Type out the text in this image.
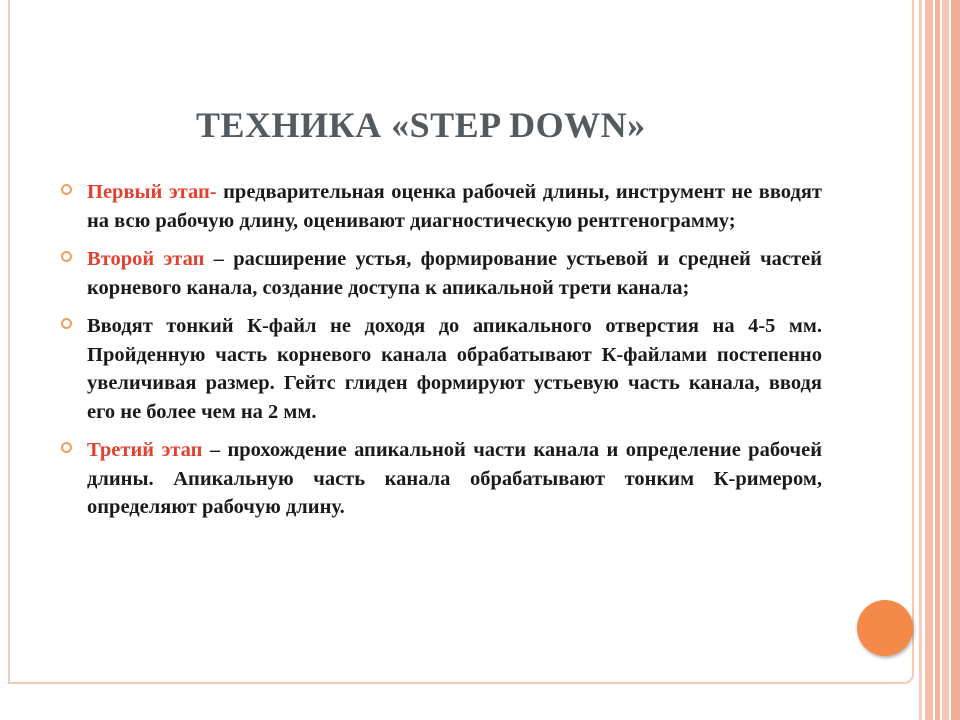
ТЕХНИКА «STEP DOWN»

Первый этап- предварительная оценка рабочей длины, инструмент не вводят на всю рабочую длину, оценивают диагностическую рентгенограмму;

Второй этап – расширение устья, формирование устьевой и средней частей корневого канала, создание доступа к апикальной трети канала;

Вводят тонкий К-файл не доходя до апикального отверстия на 4-5 мм. Пройденную часть корневого канала обрабатывают К-файлами постепенно увеличивая размер. Гейтс глиден формируют устьевую часть канала, вводя его не более чем на 2 мм.

Третий этап – прохождение апикальной части канала и определение рабочей длины. Апикальную часть канала обрабатывают тонким К-римером, определяют рабочую длину.
